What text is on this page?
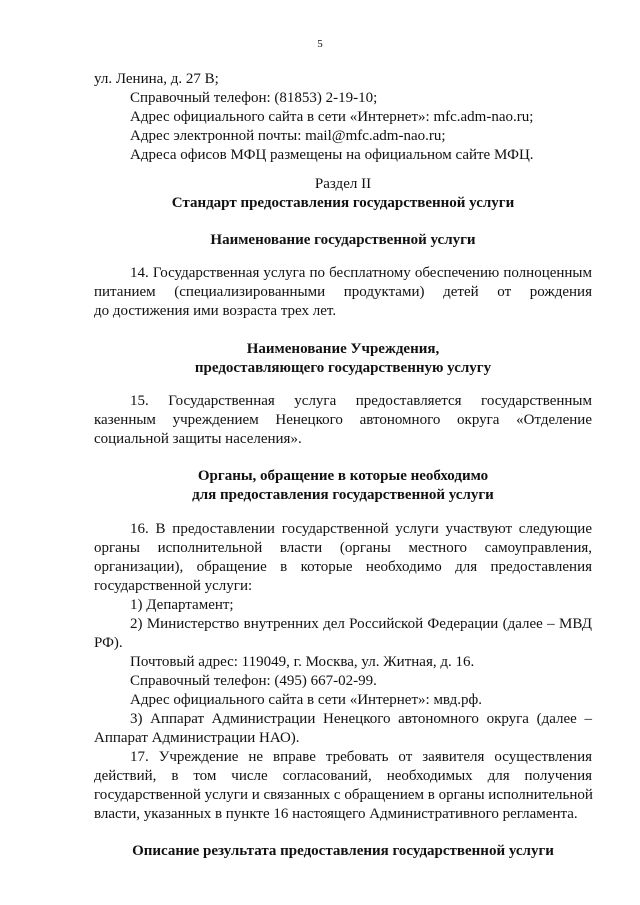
5
ул. Ленина, д. 27 В;
Справочный телефон: (81853) 2-19-10;
Адрес официального сайта в сети «Интернет»: mfc.adm-nao.ru;
Адрес электронной почты: mail@mfc.adm-nao.ru;
Адреса офисов МФЦ размещены на официальном сайте МФЦ.
Раздел II
Стандарт предоставления государственной услуги
Наименование государственной услуги
14. Государственная услуга по бесплатному обеспечению полноценным
питанием (специализированными продуктами) детей от рождения
до достижения ими возраста трех лет.
Наименование Учреждения,
предоставляющего государственную услугу
15. Государственная услуга предоставляется государственным
казенным учреждением Ненецкого автономного округа «Отделение
социальной защиты населения».
Органы, обращение в которые необходимо
для предоставления государственной услуги
16. В предоставлении государственной услуги участвуют следующие
органы исполнительной власти (органы местного самоуправления,
организации), обращение в которые необходимо для предоставления
государственной услуги:
1) Департамент;
2) Министерство внутренних дел Российской Федерации (далее – МВД
РФ).
Почтовый адрес: 119049, г. Москва, ул. Житная, д. 16.
Справочный телефон: (495) 667-02-99.
Адрес официального сайта в сети «Интернет»: мвд.рф.
3) Аппарат Администрации Ненецкого автономного округа (далее –
Аппарат Администрации НАО).
17. Учреждение не вправе требовать от заявителя осуществления
действий, в том числе согласований, необходимых для получения
государственной услуги и связанных с обращением в органы исполнительной
власти, указанных в пункте 16 настоящего Административного регламента.
Описание результата предоставления государственной услуги
